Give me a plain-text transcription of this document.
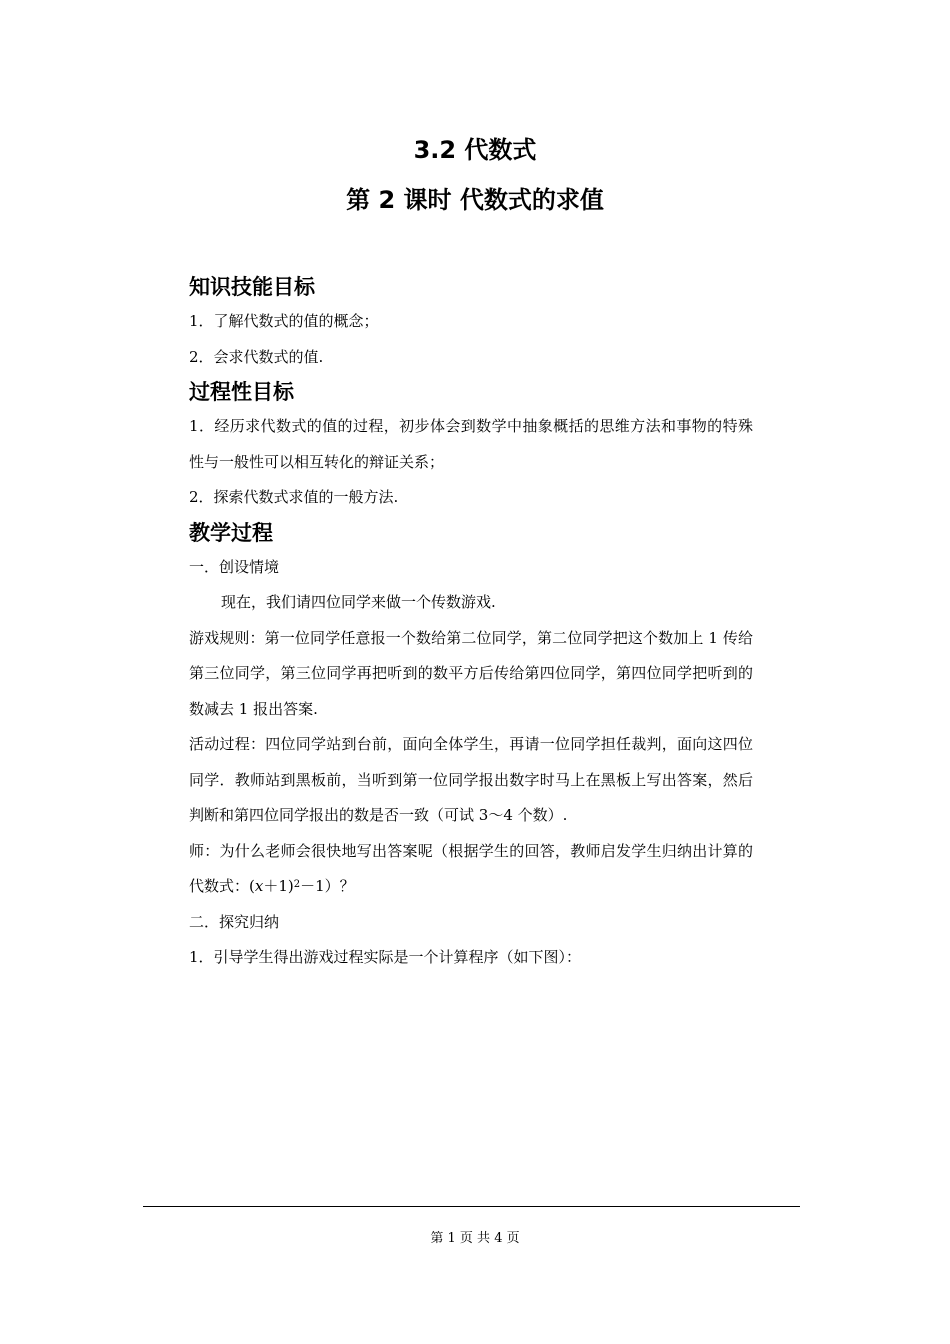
3.2 代数式
第 2 课时 代数式的求值
知识技能目标

1．了解代数式的值的概念；

2．会求代数式的值.

过程性目标

1．经历求代数式的值的过程，初步体会到数学中抽象概括的思维方法和事物的特殊性与一般性可以相互转化的辩证关系；

2．探索代数式求值的一般方法.

教学过程

一．创设情境

现在，我们请四位同学来做一个传数游戏.

游戏规则：第一位同学任意报一个数给第二位同学，第二位同学把这个数加上 1 传给第三位同学，第三位同学再把听到的数平方后传给第四位同学，第四位同学把听到的数减去 1 报出答案.

活动过程：四位同学站到台前，面向全体学生，再请一位同学担任裁判，面向这四位同学．教师站到黑板前，当听到第一位同学报出数字时马上在黑板上写出答案，然后判断和第四位同学报出的数是否一致（可试 3～4 个数）.

师：为什么老师会很快地写出答案呢（根据学生的回答，教师启发学生归纳出计算的代数式：$(x+1)^2-1$）？

二．探究归纳

1．引导学生得出游戏过程实际是一个计算程序（如下图）：

第 1 页 共 4 页
